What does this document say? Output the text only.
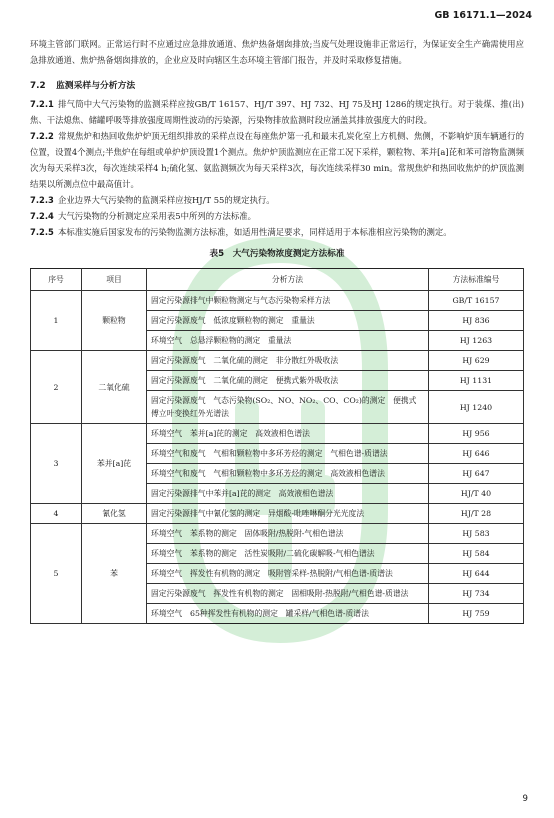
GB 16171.1—2024

环境主管部门联网。正常运行时不应通过应急排放通道、焦炉热备烟囱排放;当废气处理设施非正常运行，为保证安全生产确需使用应急排放通道、焦炉热备烟囱排放的，企业应及时向辖区生态环境主管部门报告，并及时采取修复措施。

7.2 监测采样与分析方法

7.2.1 排气筒中大气污染物的监测采样应按GB/T 16157、HJ/T 397、HJ 732、HJ 75及HJ 1286的规定执行。对于装煤、推(出)焦、干法熄焦、储罐呼吸等排放强度周期性波动的污染源，污染物排放监测时段应涵盖其排放强度大的时段。

7.2.2 常规焦炉和热回收焦炉炉顶无组织排放的采样点设在每座焦炉第一孔和最末孔炭化室上方机侧、焦侧，不影响炉顶车辆通行的位置，设置4个测点;半焦炉在每组或单炉炉顶设置1个测点。焦炉炉顶监测应在正常工况下采样，颗粒物、苯并[a]芘和苯可溶物监测频次为每天采样3次，每次连续采样4 h;硫化氢、氨监测频次为每天采样3次，每次连续采样30 min。常规焦炉和热回收焦炉的炉顶监测结果以所测点位中最高值计。

7.2.3 企业边界大气污染物的监测采样应按HJ/T 55的规定执行。

7.2.4 大气污染物的分析测定应采用表5中所列的方法标准。

7.2.5 本标准实施后国家发布的污染物监测方法标准，如适用性满足要求，同样适用于本标准相应污染物的测定。

表5　大气污染物浓度测定方法标准
序号	项目	分析方法	方法标准编号
1	颗粒物	固定污染源排气中颗粒物测定与气态污染物采样方法	GB/T 16157
		固定污染源废气　低浓度颗粒物的测定　重量法	HJ 836
		环境空气　总悬浮颗粒物的测定　重量法	HJ 1263
2	二氧化硫	固定污染源废气　二氧化硫的测定　非分散红外吸收法	HJ 629
		固定污染源废气　二氧化硫的测定　便携式紫外吸收法	HJ 1131
		固定污染源废气　气态污染物(SO₂、NO、NO₂、CO、CO₂)的测定　便携式傅立叶变换红外光谱法	HJ 1240
3	苯并[a]芘	环境空气　苯并[a]芘的测定　高效液相色谱法	HJ 956
		环境空气和废气　气相和颗粒物中多环芳烃的测定　气相色谱-质谱法	HJ 646
		环境空气和废气　气相和颗粒物中多环芳烃的测定　高效液相色谱法	HJ 647
		固定污染源排气中苯并[a]芘的测定　高效液相色谱法	HJ/T 40
4	氰化氢	固定污染源排气中氰化氢的测定　异烟酸-吡唑啉酮分光光度法	HJ/T 28
5	苯	环境空气　苯系物的测定　固体吸附/热脱附-气相色谱法	HJ 583
		环境空气　苯系物的测定　活性炭吸附/二硫化碳解吸-气相色谱法	HJ 584
		环境空气　挥发性有机物的测定　吸附管采样-热脱附/气相色谱-质谱法	HJ 644
		固定污染源废气　挥发性有机物的测定　固相吸附-热脱附/气相色谱-质谱法	HJ 734
		环境空气　65种挥发性有机物的测定　罐采样/气相色谱-质谱法	HJ 759
9
